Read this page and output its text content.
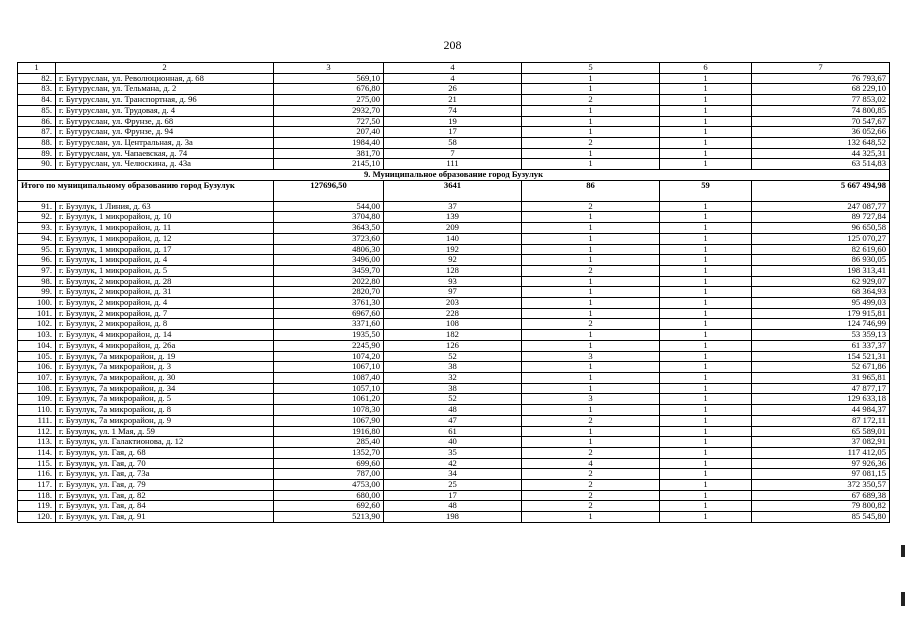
208
1	2	3	4	5	6	7
82.	г. Бугуруслан, ул. Революционная, д. 68	569,10	4	1	1	76 793,67
83.	г. Бугуруслан, ул. Тельмана, д. 2	676,80	26	1	1	68 229,10
84.	г. Бугуруслан, ул. Транспортная, д. 96	275,00	21	2	1	77 853,02
85.	г. Бугуруслан, ул. Трудовая, д. 4	2932,70	74	1	1	74 800,85
86.	г. Бугуруслан, ул. Фрунзе, д. 68	727,50	19	1	1	70 547,67
87.	г. Бугуруслан, ул. Фрунзе, д. 94	207,40	17	1	1	36 052,66
88.	г. Бугуруслан, ул. Центральная, д. 3а	1984,40	58	2	1	132 648,52
89.	г. Бугуруслан, ул. Чапаевская, д. 74	381,70	7	1	1	44 325,31
90.	г. Бугуруслан, ул. Челюскина, д. 43а	2145,10	111	1	1	63 514,83
9. Муниципальное образование город Бузулук						
Итого по муниципальному образованию город Бузулук		127696,50	3641	86	59	5 667 494,98
91.	г. Бузулук, 1 Линия, д. 63	544,00	37	2	1	247 087,77
92.	г. Бузулук, 1 микрорайон, д. 10	3704,80	139	1	1	89 727,84
93.	г. Бузулук, 1 микрорайон, д. 11	3643,50	209	1	1	96 650,58
94.	г. Бузулук, 1 микрорайон, д. 12	3723,60	140	1	1	125 070,27
95.	г. Бузулук, 1 микрорайон, д. 17	4806,30	192	1	1	82 619,60
96.	г. Бузулук, 1 микрорайон, д. 4	3496,00	92	1	1	86 930,05
97.	г. Бузулук, 1 микрорайон, д. 5	3459,70	128	2	1	198 313,41
98.	г. Бузулук, 2 микрорайон, д. 28	2022,80	93	1	1	62 929,07
99.	г. Бузулук, 2 микрорайон, д. 31	2820,70	97	1	1	68 364,93
100.	г. Бузулук, 2 микрорайон, д. 4	3761,30	203	1	1	95 499,03
101.	г. Бузулук, 2 микрорайон, д. 7	6967,60	228	1	1	179 915,81
102.	г. Бузулук, 2 микрорайон, д. 8	3371,60	108	2	1	124 746,99
103.	г. Бузулук, 4 микрорайон, д. 14	1935,50	182	1	1	53 359,13
104.	г. Бузулук, 4 микрорайон, д. 26а	2245,90	126	1	1	61 337,37
105.	г. Бузулук, 7а микрорайон, д. 19	1074,20	52	3	1	154 521,31
106.	г. Бузулук, 7а микрорайон, д. 3	1067,10	38	1	1	52 671,86
107.	г. Бузулук, 7а микрорайон, д. 30	1087,40	32	1	1	31 965,81
108.	г. Бузулук, 7а микрорайон, д. 34	1057,10	38	1	1	47 877,17
109.	г. Бузулук, 7а микрорайон, д. 5	1061,20	52	3	1	129 633,18
110.	г. Бузулук, 7а микрорайон, д. 8	1078,30	48	1	1	44 984,37
111.	г. Бузулук, 7а микрорайон, д. 9	1067,90	47	2	1	87 172,11
112.	г. Бузулук, ул. 1 Мая, д. 59	1916,80	61	1	1	65 589,01
113.	г. Бузулук, ул. Галактионова, д. 12	285,40	40	1	1	37 082,91
114.	г. Бузулук, ул. Гая, д. 68	1352,70	35	2	1	117 412,05
115.	г. Бузулук, ул. Гая, д. 70	699,60	42	4	1	97 926,36
116.	г. Бузулук, ул. Гая, д. 73а	787,00	34	2	1	97 081,15
117.	г. Бузулук, ул. Гая, д. 79	4753,00	25	2	1	372 350,57
118.	г. Бузулук, ул. Гая, д. 82	680,00	17	2	1	67 689,38
119.	г. Бузулук, ул. Гая, д. 84	692,60	48	2	1	79 800,82
120.	г. Бузулук, ул. Гая, д. 91	5213,90	198	1	1	85 545,80
